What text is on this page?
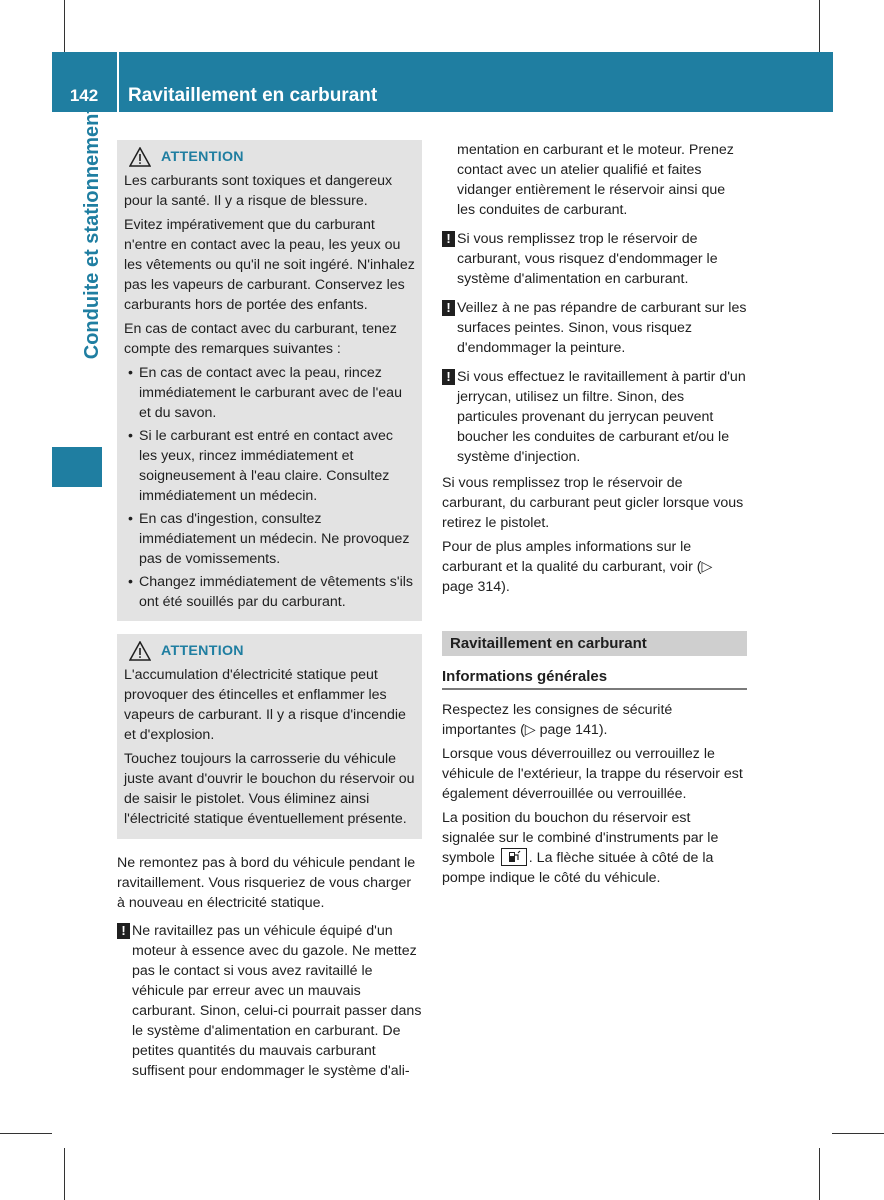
142	Ravitaillement en carburant
Conduite et stationnement	ATTENTION

Les carburants sont toxiques et dangereux pour la santé. Il y a risque de blessure.

Evitez impérativement que du carburant n'entre en contact avec la peau, les yeux ou les vêtements ou qu'il ne soit ingéré. N'inhalez pas les vapeurs de carburant. Conservez les carburants hors de portée des enfants.

En cas de contact avec du carburant, tenez compte des remarques suivantes :

• En cas de contact avec la peau, rincez immédiatement le carburant avec de l'eau et du savon.
• Si le carburant est entré en contact avec les yeux, rincez immédiatement et soigneusement à l'eau claire. Consultez immédiatement un médecin.
• En cas d'ingestion, consultez immédiatement un médecin. Ne provoquez pas de vomissements.
• Changez immédiatement de vêtements s'ils ont été souillés par du carburant.
ATTENTION

L'accumulation d'électricité statique peut provoquer des étincelles et enflammer les vapeurs de carburant. Il y a risque d'incendie et d'explosion.

Touchez toujours la carrosserie du véhicule juste avant d'ouvrir le bouchon du réservoir ou de saisir le pistolet. Vous éliminez ainsi l'électricité statique éventuellement présente.

Ne remontez pas à bord du véhicule pendant le ravitaillement. Vous risqueriez de vous charger à nouveau en électricité statique.

! Ne ravitaillez pas un véhicule équipé d'un moteur à essence avec du gazole. Ne mettez pas le contact si vous avez ravitaillé le véhicule par erreur avec un mauvais carburant. Sinon, celui-ci pourrait passer dans le système d'alimentation en carburant. De petites quantités du mauvais carburant suffisent pour endommager le système d'ali-

mentation en carburant et le moteur. Prenez contact avec un atelier qualifié et faites vidanger entièrement le réservoir ainsi que les conduites de carburant.

! Si vous remplissez trop le réservoir de carburant, vous risquez d'endommager le système d'alimentation en carburant.

! Veillez à ne pas répandre de carburant sur les surfaces peintes. Sinon, vous risquez d'endommager la peinture.

! Si vous effectuez le ravitaillement à partir d'un jerrycan, utilisez un filtre. Sinon, des particules provenant du jerrycan peuvent boucher les conduites de carburant et/ou le système d'injection.

Si vous remplissez trop le réservoir de carburant, du carburant peut gicler lorsque vous retirez le pistolet.

Pour de plus amples informations sur le carburant et la qualité du carburant, voir (▷ page 314).

Ravitaillement en carburant
Informations générales

Respectez les consignes de sécurité importantes (▷ page 141).

Lorsque vous déverrouillez ou verrouillez le véhicule de l'extérieur, la trappe du réservoir est également déverrouillée ou verrouillée.

La position du bouchon du réservoir est signalée sur le combiné d'instruments par le symbole . La flèche située à côté de la pompe indique le côté du véhicule.
